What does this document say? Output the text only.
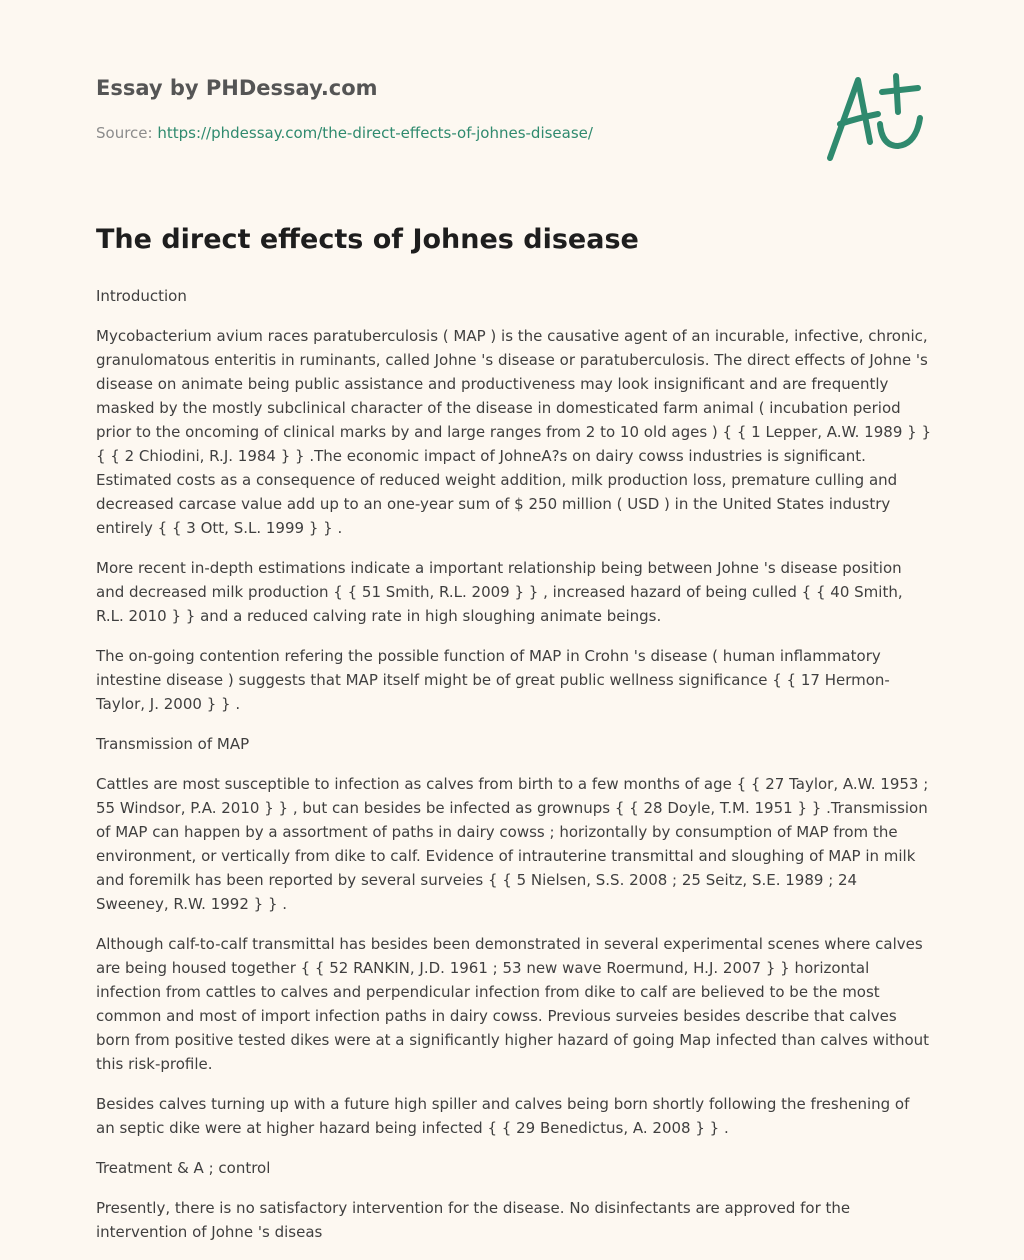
Essay by PHDessay.com
Source: https://phdessay.com/the-direct-effects-of-johnes-disease/
The direct effects of Johnes disease

Introduction

Mycobacterium avium races paratuberculosis ( MAP ) is the causative agent of an incurable, infective, chronic, granulomatous enteritis in ruminants, called Johne 's disease or paratuberculosis. The direct effects of Johne 's disease on animate being public assistance and productiveness may look insignificant and are frequently masked by the mostly subclinical character of the disease in domesticated farm animal ( incubation period prior to the oncoming of clinical marks by and large ranges from 2 to 10 old ages ) { { 1 Lepper, A.W. 1989 } } { { 2 Chiodini, R.J. 1984 } } .The economic impact of JohneA?s on dairy cowss industries is significant. Estimated costs as a consequence of reduced weight addition, milk production loss, premature culling and decreased carcase value add up to an one-year sum of $ 250 million ( USD ) in the United States industry entirely { { 3 Ott, S.L. 1999 } } .

More recent in-depth estimations indicate a important relationship being between Johne 's disease position and decreased milk production { { 51 Smith, R.L. 2009 } } , increased hazard of being culled { { 40 Smith, R.L. 2010 } } and a reduced calving rate in high sloughing animate beings.

The on-going contention refering the possible function of MAP in Crohn 's disease ( human inflammatory intestine disease ) suggests that MAP itself might be of great public wellness significance { { 17 Hermon-Taylor, J. 2000 } } .

Transmission of MAP

Cattles are most susceptible to infection as calves from birth to a few months of age { { 27 Taylor, A.W. 1953 ; 55 Windsor, P.A. 2010 } } , but can besides be infected as grownups { { 28 Doyle, T.M. 1951 } } .Transmission of MAP can happen by a assortment of paths in dairy cowss ; horizontally by consumption of MAP from the environment, or vertically from dike to calf. Evidence of intrauterine transmittal and sloughing of MAP in milk and foremilk has been reported by several surveies { { 5 Nielsen, S.S. 2008 ; 25 Seitz, S.E. 1989 ; 24 Sweeney, R.W. 1992 } } .

Although calf-to-calf transmittal has besides been demonstrated in several experimental scenes where calves are being housed together { { 52 RANKIN, J.D. 1961 ; 53 new wave Roermund, H.J. 2007 } } horizontal infection from cattles to calves and perpendicular infection from dike to calf are believed to be the most common and most of import infection paths in dairy cowss. Previous surveies besides describe that calves born from positive tested dikes were at a significantly higher hazard of going Map infected than calves without this risk-profile.

Besides calves turning up with a future high spiller and calves being born shortly following the freshening of an septic dike were at higher hazard being infected { { 29 Benedictus, A. 2008 } } .

Treatment & A ; control

Presently, there is no satisfactory intervention for the disease. No disinfectants are approved for the intervention of Johne 's diseas
